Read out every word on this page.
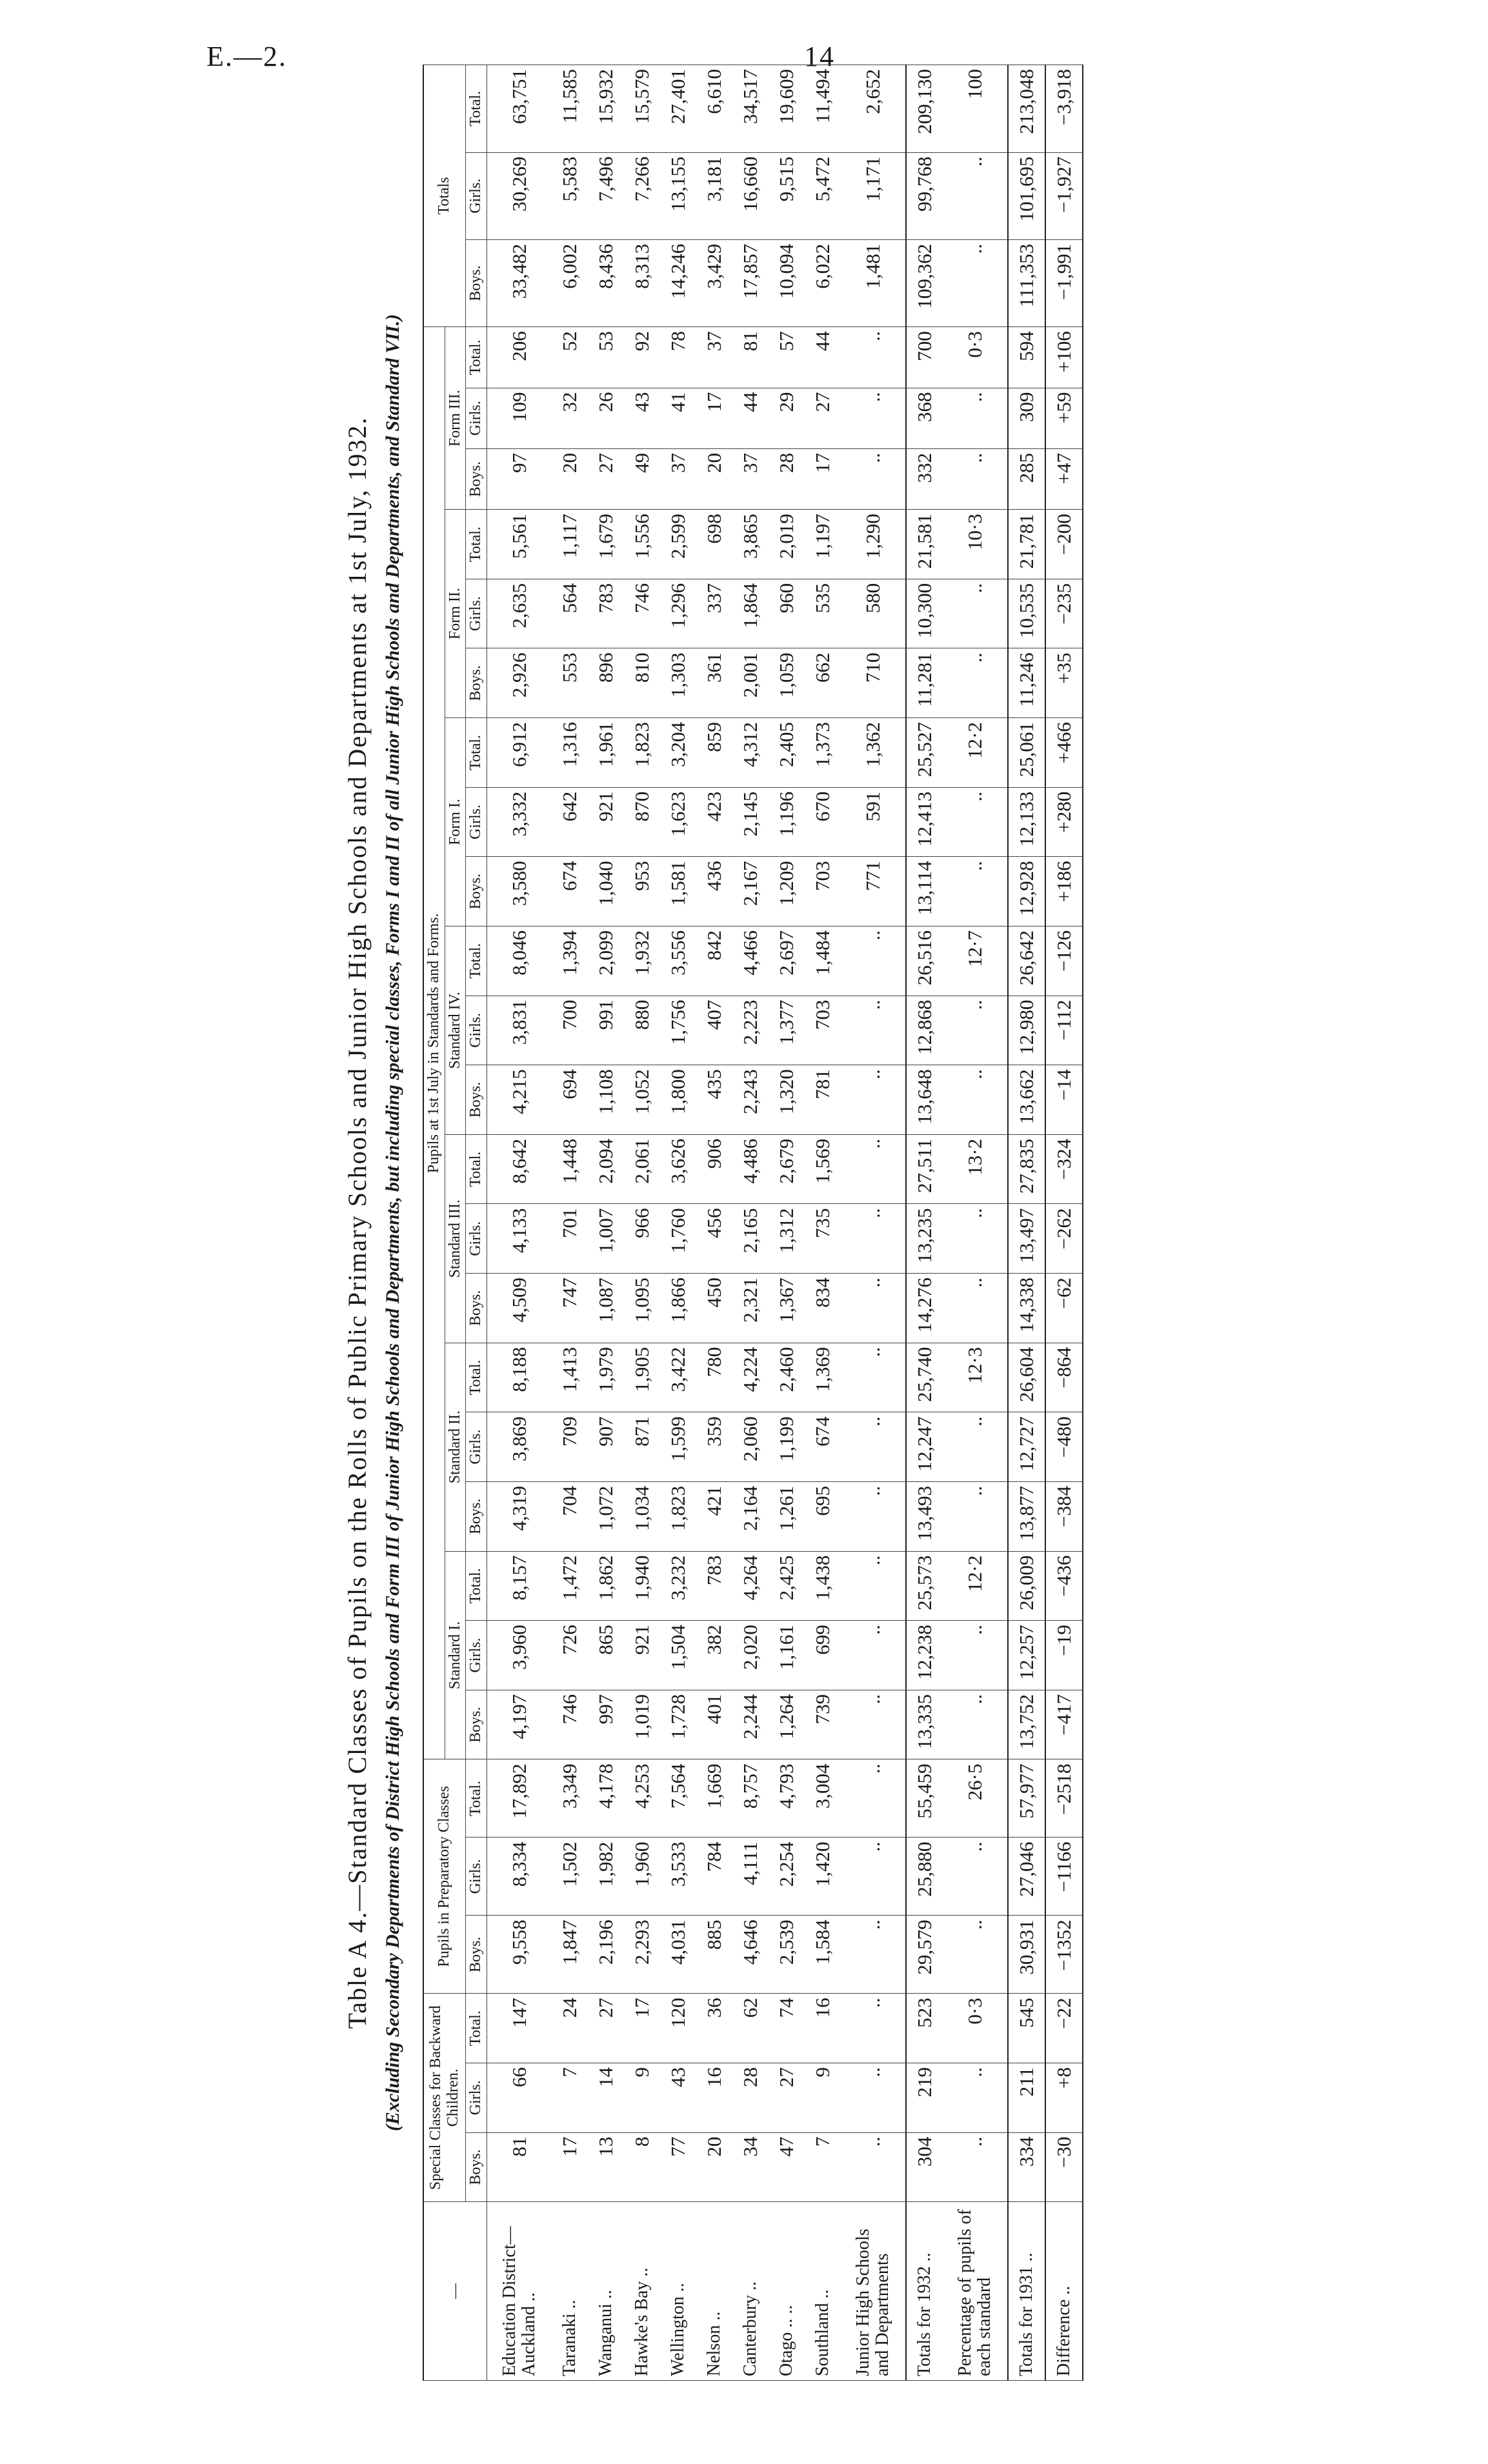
E.—2.	14
Table A 4.—Standard Classes of Pupils on the Rolls of Public Primary Schools and Junior High Schools and Departments at 1st July, 1932. (Excluding Secondary Departments of District High Schools and Form III of Junior High Schools and Departments, but including special classes, Forms I and II of all Junior High Schools and Departments, and Standard VII.)
—	Special Classes for Backward Children.			Pupils in Preparatory Classes			Pupils at 1st July in Standards and Forms.																					Totals		
							Standard I.			Standard II.			Standard III.			Standard IV.			Form I.			Form II.			Form III.					
	Boys.	Girls.	Total.	Boys.	Girls.	Total.	Boys.	Girls.	Total.	Boys.	Girls.	Total.	Boys.	Girls.	Total.	Boys.	Girls.	Total.	Boys.	Girls.	Total.	Boys.	Girls.	Total.	Boys.	Girls.	Total.	Boys.	Girls.	Total.
Education District— Auckland ..	81	66	147	9,558	8,334	17,892	4,197	3,960	8,157	4,319	3,869	8,188	4,509	4,133	8,642	4,215	3,831	8,046	3,580	3,332	6,912	2,926	2,635	5,561	97	109	206	33,482	30,269	63,751
Taranaki ..	17	7	24	1,847	1,502	3,349	746	726	1,472	704	709	1,413	747	701	1,448	694	700	1,394	674	642	1,316	553	564	1,117	20	32	52	6,002	5,583	11,585
Wanganui ..	13	14	27	2,196	1,982	4,178	997	865	1,862	1,072	907	1,979	1,087	1,007	2,094	1,108	991	2,099	1,040	921	1,961	896	783	1,679	27	26	53	8,436	7,496	15,932
Hawke's Bay ..	8	9	17	2,293	1,960	4,253	1,019	921	1,940	1,034	871	1,905	1,095	966	2,061	1,052	880	1,932	953	870	1,823	810	746	1,556	49	43	92	8,313	7,266	15,579
Wellington ..	77	43	120	4,031	3,533	7,564	1,728	1,504	3,232	1,823	1,599	3,422	1,866	1,760	3,626	1,800	1,756	3,556	1,581	1,623	3,204	1,303	1,296	2,599	37	41	78	14,246	13,155	27,401
Nelson ..	20	16	36	885	784	1,669	401	382	783	421	359	780	450	456	906	435	407	842	436	423	859	361	337	698	20	17	37	3,429	3,181	6,610
Canterbury ..	34	28	62	4,646	4,111	8,757	2,244	2,020	4,264	2,164	2,060	4,224	2,321	2,165	4,486	2,243	2,223	4,466	2,167	2,145	4,312	2,001	1,864	3,865	37	44	81	17,857	16,660	34,517
Otago .. ..	47	27	74	2,539	2,254	4,793	1,264	1,161	2,425	1,261	1,199	2,460	1,367	1,312	2,679	1,320	1,377	2,697	1,209	1,196	2,405	1,059	960	2,019	28	29	57	10,094	9,515	19,609
Southland ..	7	9	16	1,584	1,420	3,004	739	699	1,438	695	674	1,369	834	735	1,569	781	703	1,484	703	670	1,373	662	535	1,197	17	27	44	6,022	5,472	11,494
Junior High Schools and Departments	..	..	..	..	..	..	..	..	..	..	..	..	..	..	..	..	..	..	771	591	1,362	710	580	1,290	..	..	..	1,481	1,171	2,652
Totals for 1932 ..	304	219	523	29,579	25,880	55,459	13,335	12,238	25,573	13,493	12,247	25,740	14,276	13,235	27,511	13,648	12,868	26,516	13,114	12,413	25,527	11,281	10,300	21,581	332	368	700	109,362	99,768	209,130
Percentage of pupils of each standard	..	..	0·3	..	..	26·5	..	..	12·2	..	..	12·3	..	..	13·2	..	..	12·7	..	..	12·2	..	..	10·3	..	..	0·3	..	..	100
Totals for 1931 ..	334	211	545	30,931	27,046	57,977	13,752	12,257	26,009	13,877	12,727	26,604	14,338	13,497	27,835	13,662	12,980	26,642	12,928	12,133	25,061	11,246	10,535	21,781	285	309	594	111,353	101,695	213,048
Difference ..	−30	+8	−22	−1352	−1166	−2518	−417	−19	−436	−384	−480	−864	−62	−262	−324	−14	−112	−126	+186	+280	+466	+35	−235	−200	+47	+59	+106	−1,991	−1,927	−3,918
